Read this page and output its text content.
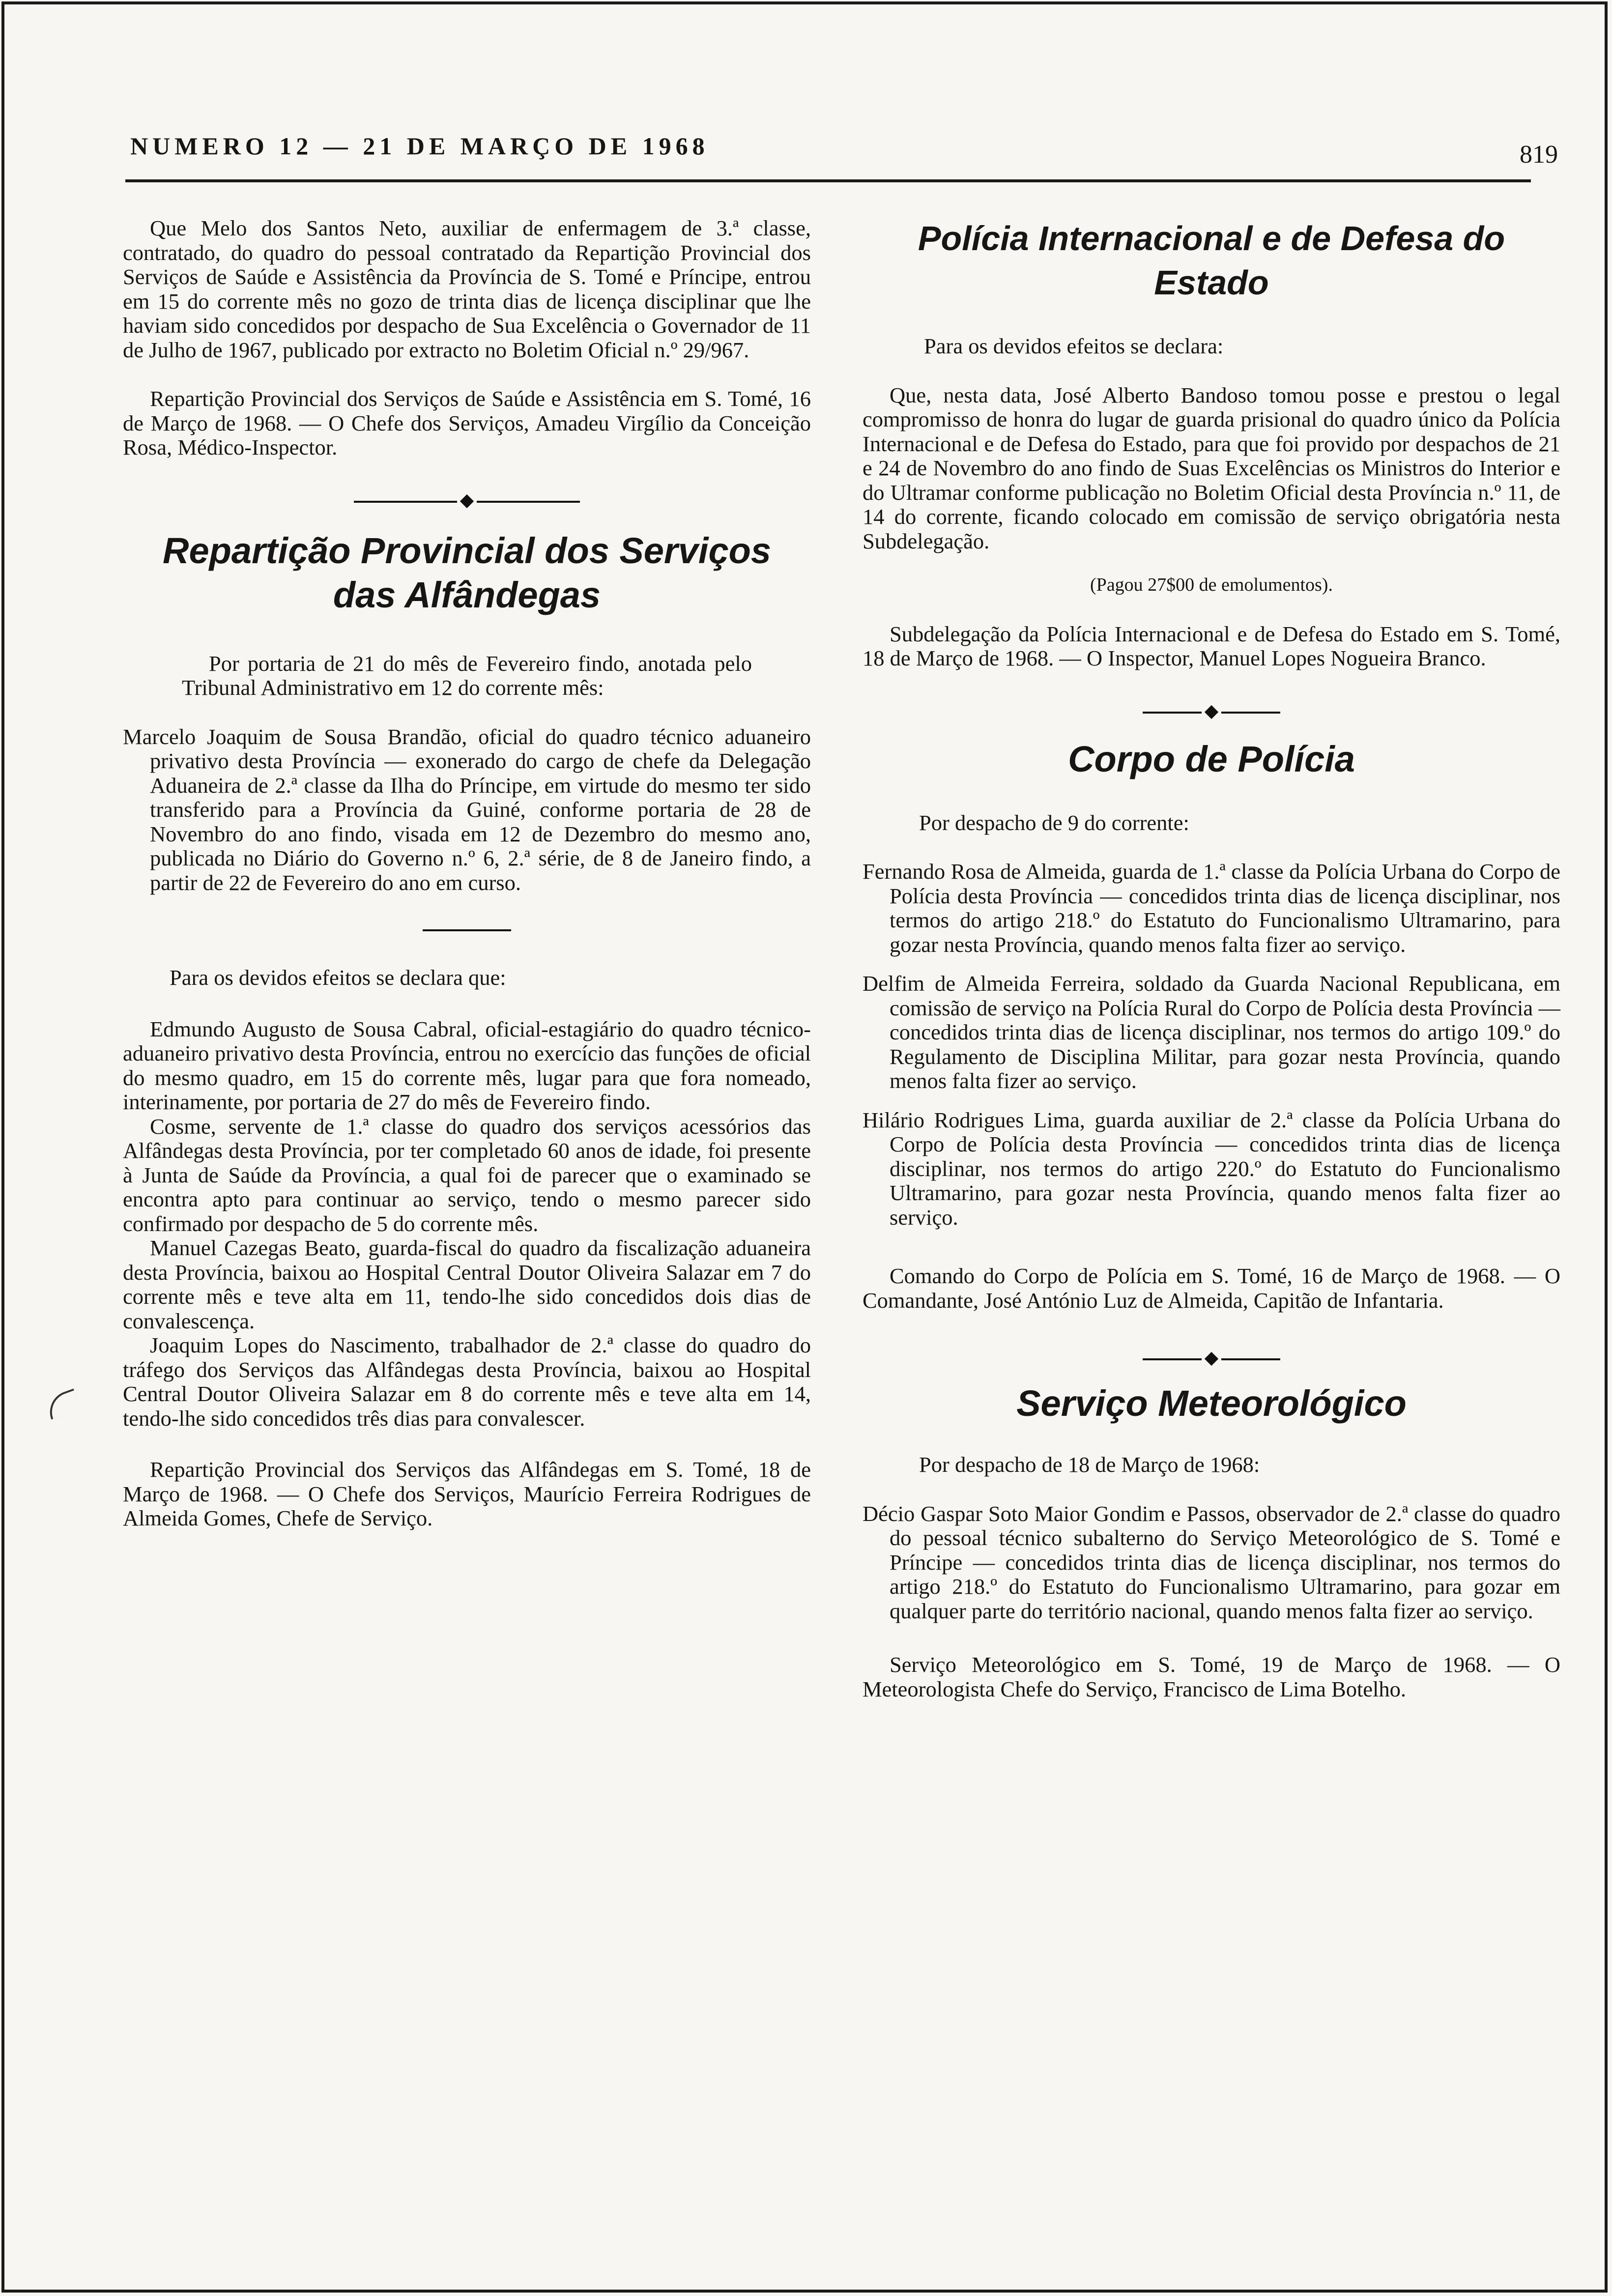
NUMERO 12 — 21 DE MARÇO DE 1968	819

Que Melo dos Santos Neto, auxiliar de enfermagem de 3.ª classe, contratado, do quadro do pessoal contratado da Repartição Provincial dos Serviços de Saúde e Assistência da Província de S. Tomé e Príncipe, entrou em 15 do corrente mês no gozo de trinta dias de licença disciplinar que lhe haviam sido concedidos por despacho de Sua Excelência o Governador de 11 de Julho de 1967, publicado por extracto no Boletim Oficial n.º 29/967.

Repartição Provincial dos Serviços de Saúde e Assistência em S. Tomé, 16 de Março de 1968. — O Chefe dos Serviços, Amadeu Virgílio da Conceição Rosa, Médico-Inspector.

Repartição Provincial dos Serviços
das Alfândegas

Por portaria de 21 do mês de Fevereiro findo, anotada pelo Tribunal Administrativo em 12 do corrente mês:

Marcelo Joaquim de Sousa Brandão, oficial do quadro técnico aduaneiro privativo desta Província — exonerado do cargo de chefe da Delegação Aduaneira de 2.ª classe da Ilha do Príncipe, em virtude do mesmo ter sido transferido para a Província da Guiné, conforme portaria de 28 de Novembro do ano findo, visada em 12 de Dezembro do mesmo ano, publicada no Diário do Governo n.º 6, 2.ª série, de 8 de Janeiro findo, a partir de 22 de Fevereiro do ano em curso.

Para os devidos efeitos se declara que:

Edmundo Augusto de Sousa Cabral, oficial-estagiário do quadro técnico-aduaneiro privativo desta Província, entrou no exercício das funções de oficial do mesmo quadro, em 15 do corrente mês, lugar para que fora nomeado, interinamente, por portaria de 27 do mês de Fevereiro findo.

Cosme, servente de 1.ª classe do quadro dos serviços acessórios das Alfândegas desta Província, por ter completado 60 anos de idade, foi presente à Junta de Saúde da Província, a qual foi de parecer que o examinado se encontra apto para continuar ao serviço, tendo o mesmo parecer sido confirmado por despacho de 5 do corrente mês.

Manuel Cazegas Beato, guarda-fiscal do quadro da fiscalização aduaneira desta Província, baixou ao Hospital Central Doutor Oliveira Salazar em 7 do corrente mês e teve alta em 11, tendo-lhe sido concedidos dois dias de convalescença.

Joaquim Lopes do Nascimento, trabalhador de 2.ª classe do quadro do tráfego dos Serviços das Alfândegas desta Província, baixou ao Hospital Central Doutor Oliveira Salazar em 8 do corrente mês e teve alta em 14, tendo-lhe sido concedidos três dias para convalescer.

Repartição Provincial dos Serviços das Alfândegas em S. Tomé, 18 de Março de 1968. — O Chefe dos Serviços, Maurício Ferreira Rodrigues de Almeida Gomes, Chefe de Serviço.

Polícia Internacional e de Defesa do Estado

Para os devidos efeitos se declara:

Que, nesta data, José Alberto Bandoso tomou posse e prestou o legal compromisso de honra do lugar de guarda prisional do quadro único da Polícia Internacional e de Defesa do Estado, para que foi provido por despachos de 21 e 24 de Novembro do ano findo de Suas Excelências os Ministros do Interior e do Ultramar conforme publicação no Boletim Oficial desta Província n.º 11, de 14 do corrente, ficando colocado em comissão de serviço obrigatória nesta Subdelegação.

(Pagou 27$00 de emolumentos).

Subdelegação da Polícia Internacional e de Defesa do Estado em S. Tomé, 18 de Março de 1968. — O Inspector, Manuel Lopes Nogueira Branco.

Corpo de Polícia

Por despacho de 9 do corrente:

Fernando Rosa de Almeida, guarda de 1.ª classe da Polícia Urbana do Corpo de Polícia desta Província — concedidos trinta dias de licença disciplinar, nos termos do artigo 218.º do Estatuto do Funcionalismo Ultramarino, para gozar nesta Província, quando menos falta fizer ao serviço.

Delfim de Almeida Ferreira, soldado da Guarda Nacional Republicana, em comissão de serviço na Polícia Rural do Corpo de Polícia desta Província — concedidos trinta dias de licença disciplinar, nos termos do artigo 109.º do Regulamento de Disciplina Militar, para gozar nesta Província, quando menos falta fizer ao serviço.

Hilário Rodrigues Lima, guarda auxiliar de 2.ª classe da Polícia Urbana do Corpo de Polícia desta Província — concedidos trinta dias de licença disciplinar, nos termos do artigo 220.º do Estatuto do Funcionalismo Ultramarino, para gozar nesta Província, quando menos falta fizer ao serviço.

Comando do Corpo de Polícia em S. Tomé, 16 de Março de 1968. — O Comandante, José António Luz de Almeida, Capitão de Infantaria.

Serviço Meteorológico

Por despacho de 18 de Março de 1968:

Décio Gaspar Soto Maior Gondim e Passos, observador de 2.ª classe do quadro do pessoal técnico subalterno do Serviço Meteorológico de S. Tomé e Príncipe — concedidos trinta dias de licença disciplinar, nos termos do artigo 218.º do Estatuto do Funcionalismo Ultramarino, para gozar em qualquer parte do território nacional, quando menos falta fizer ao serviço.

Serviço Meteorológico em S. Tomé, 19 de Março de 1968. — O Meteorologista Chefe do Serviço, Francisco de Lima Botelho.
